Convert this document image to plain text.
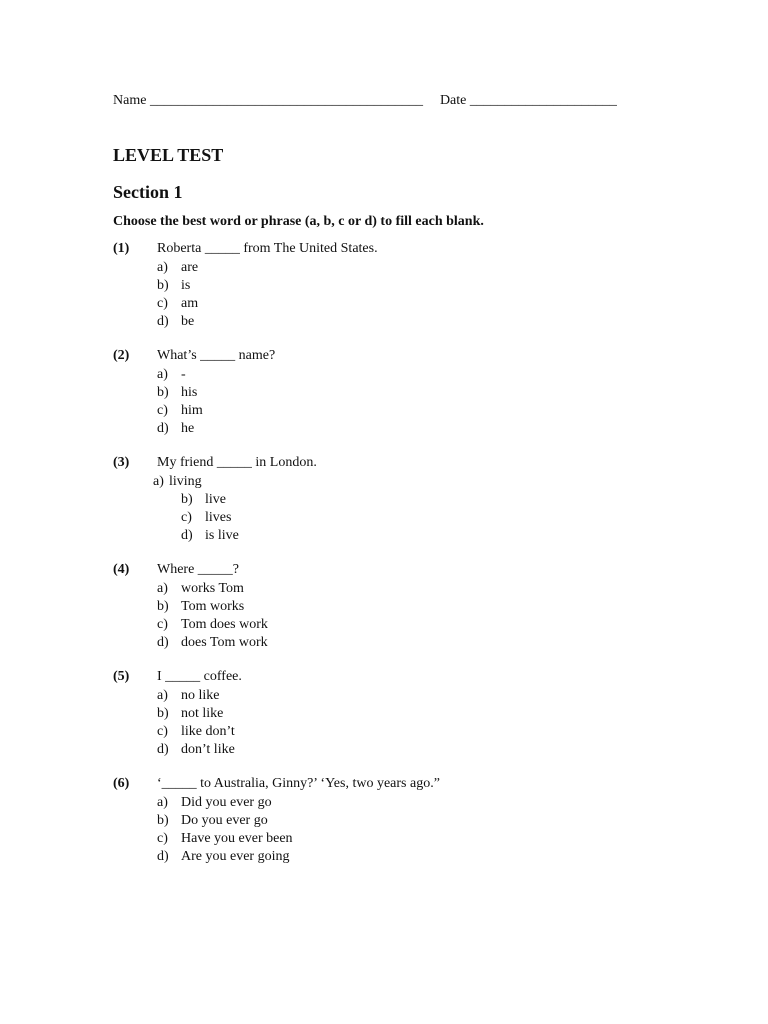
Name _______________________________________ Date _____________________
LEVEL TEST
Section 1

Choose the best word or phrase (a, b, c or d) to fill each blank.

(1) Roberta _____ from The United States.
a) are
b) is
c) am
d) be
(2) What’s _____ name?
a) -
b) his
c) him
d) he
(3) My friend _____ in London.
a) living
b) live
c) lives
d) is live
(4) Where _____?
a) works Tom
b) Tom works
c) Tom does work
d) does Tom work
(5) I _____ coffee.
a) no like
b) not like
c) like don’t
d) don’t like
(6) ‘_____ to Australia, Ginny?’ ‘Yes, two years ago.”
a) Did you ever go
b) Do you ever go
c) Have you ever been
d) Are you ever going
